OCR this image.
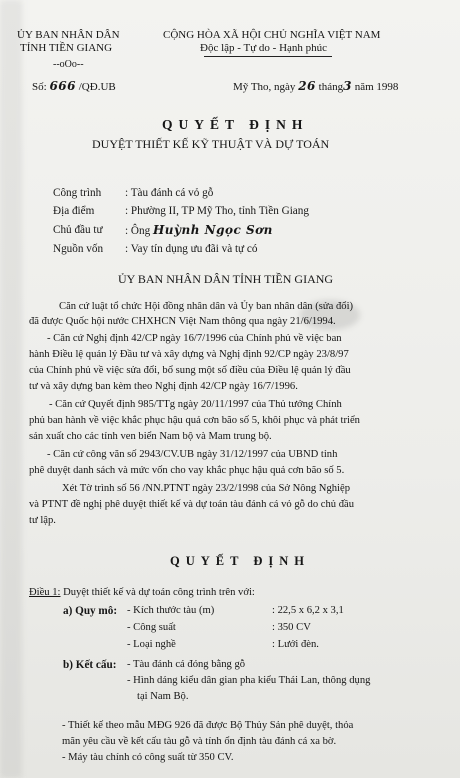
ỦY BAN NHÂN DÂN
TỈNH TIỀN GIANG
--oOo--
Số: 666 /QĐ.UB
CỘNG HÒA XÃ HỘI CHỦ NGHĨA VIỆT NAM
Độc lập - Tự do - Hạnh phúc
Mỹ Tho, ngày 26 tháng3 năm 1998
QUYẾT ĐỊNH
DUYỆT THIẾT KẾ KỸ THUẬT VÀ DỰ TOÁN
Công trình : Tàu đánh cá vỏ gỗ
Địa điểm	: Phường II, TP Mỹ Tho, tỉnh Tiền Giang
Chủ đầu tư : Ông Huỳnh Ngọc Sơn
Nguồn vốn : Vay tín dụng ưu đãi và tự có
ỦY BAN NHÂN DÂN TỈNH TIỀN GIANG
Căn cứ luật tổ chức Hội đồng nhân dân và Ủy ban nhân dân (sửa đổi)
đã được Quốc hội nước CHXHCN Việt Nam thông qua ngày 21/6/1994.
- Căn cứ Nghị định 42/CP ngày 16/7/1996 của Chính phủ về việc ban
hành Điều lệ quản lý Đầu tư và xây dựng và Nghị định 92/CP ngày 23/8/97
của Chính phủ về việc sửa đổi, bổ sung một số điều của Điều lệ quản lý đầu
tư và xây dựng ban kèm theo Nghị định 42/CP ngày 16/7/1996.
- Căn cứ Quyết định 985/TTg ngày 20/11/1997 của Thủ tướng Chính
phủ ban hành về việc khắc phục hậu quả cơn bão số 5, khôi phục và phát triển
sản xuất cho các tỉnh ven biển Nam bộ và Mam trung bộ.
- Căn cứ công văn số 2943/CV.UB ngày 31/12/1997 của UBND tỉnh
phê duyệt danh sách và mức vốn cho vay khắc phục hậu quả cơn bão số 5.
Xét Tờ trình số 56 /NN.PTNT ngày 23/2/1998 của Sở Nông Nghiệp
và PTNT đề nghị phê duyệt thiết kế và dự toán tàu đánh cá vỏ gỗ do chủ đầu
tư lập.
QUYẾT ĐỊNH
Điều 1: Duyệt thiết kế và dự toán công trình trên với:
a) Quy mô: - Kích thước tàu (m)	: 22,5 x 6,2 x 3,1
- Công suất	: 350 CV
- Loại nghề	: Lưới đèn.
b) Kết cấu: - Tàu đánh cá đóng bằng gỗ
- Hình dáng kiểu dân gian pha kiểu Thái Lan, thông dụng
tại Nam Bộ.
- Thiết kế theo mẫu MĐG 926 đã được Bộ Thủy Sản phê duyệt, thỏa
mãn yêu cầu về kết cấu tàu gỗ và tính ổn định tàu đánh cá xa bờ.
- Máy tàu chính có công suất từ 350 CV.
